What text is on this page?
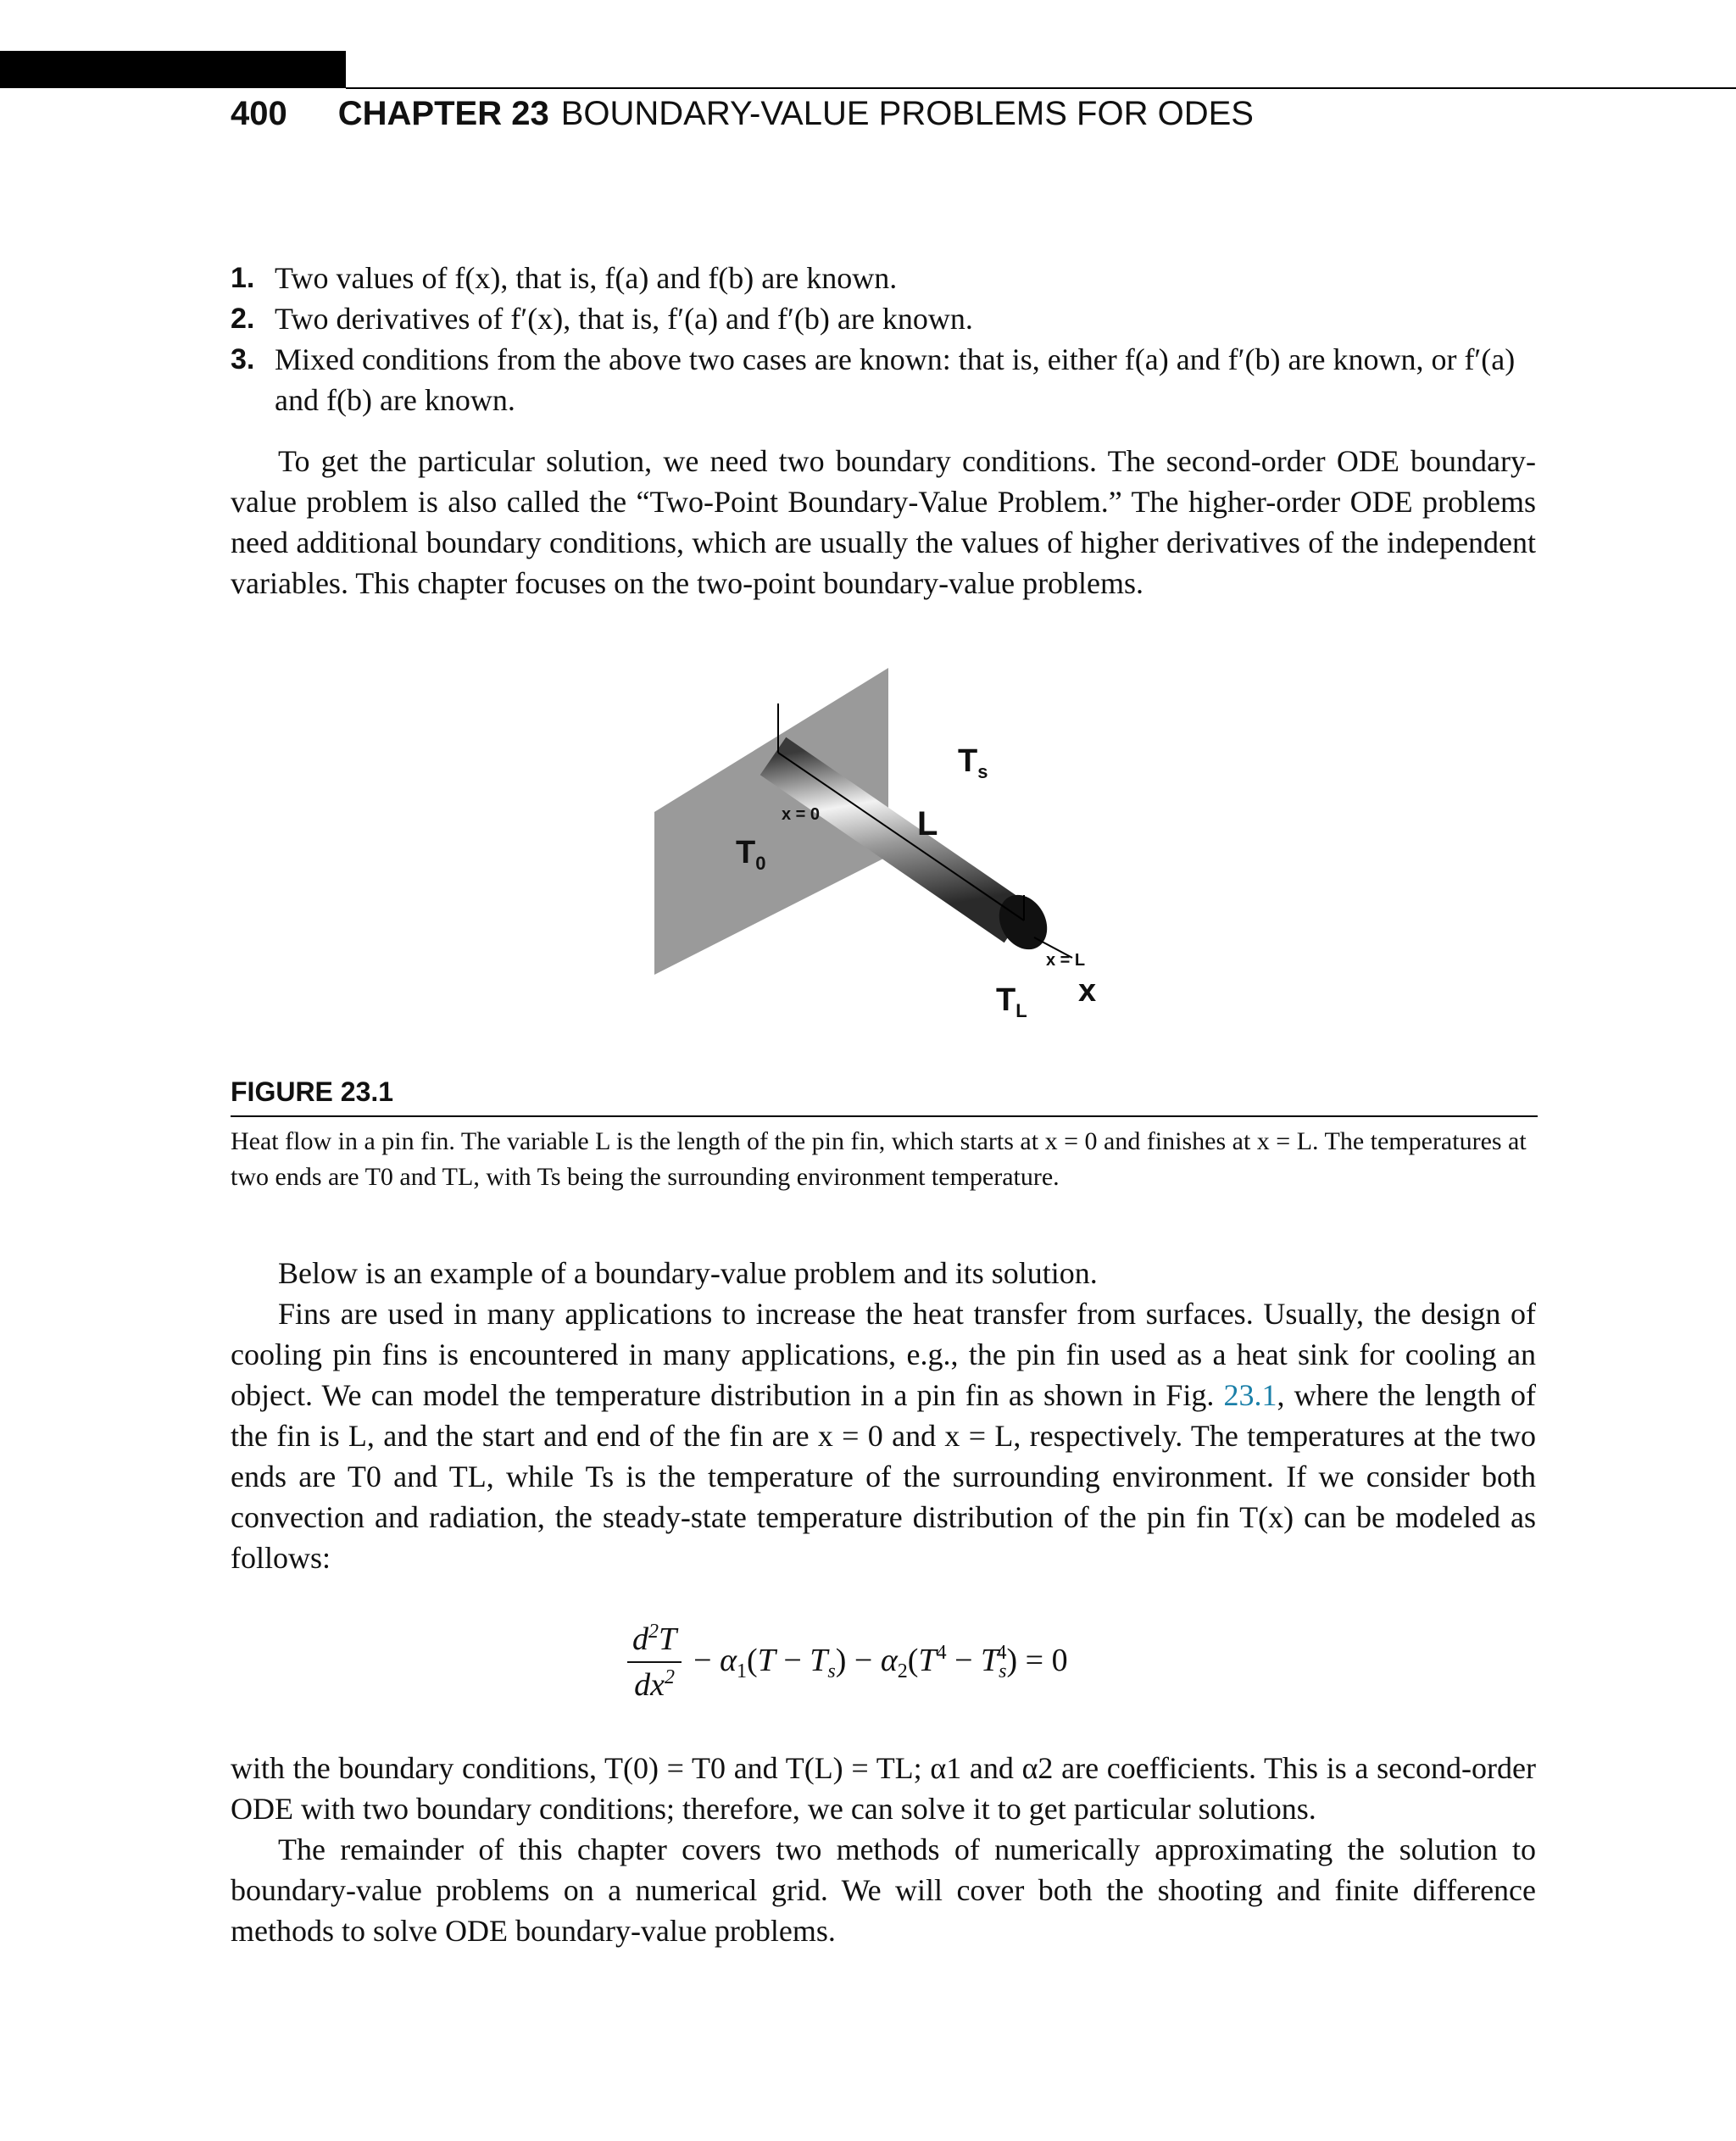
400 CHAPTER 23 BOUNDARY-VALUE PROBLEMS FOR ODES
1. Two values of f(x), that is, f(a) and f(b) are known.
2. Two derivatives of f′(x), that is, f′(a) and f′(b) are known.
3. Mixed conditions from the above two cases are known: that is, either f(a) and f′(b) are known, or f′(a) and f(b) are known.
To get the particular solution, we need two boundary conditions. The second-order ODE boundary-value problem is also called the “Two-Point Boundary-Value Problem.” The higher-order ODE problems need additional boundary conditions, which are usually the values of higher derivatives of the independent variables. This chapter focuses on the two-point boundary-value problems.
$T_s$
x = 0	L
$T_0$
x = L
x
$T_L$
FIGURE 23.1
Heat flow in a pin fin. The variable L is the length of the pin fin, which starts at x = 0 and finishes at x = L. The temperatures at two ends are T0 and TL, with Ts being the surrounding environment temperature.
Below is an example of a boundary-value problem and its solution.
Fins are used in many applications to increase the heat transfer from surfaces. Usually, the design of cooling pin fins is encountered in many applications, e.g., the pin fin used as a heat sink for cooling an object. We can model the temperature distribution in a pin fin as shown in Fig. 23.1, where the length of the fin is L, and the start and end of the fin are x = 0 and x = L, respectively. The temperatures at the two ends are T0 and TL, while Ts is the temperature of the surrounding environment. If we consider both convection and radiation, the steady-state temperature distribution of the pin fin T(x) can be modeled as follows:
$\frac{d^2T}{dx^2} - \alpha_1(T - T_s) - \alpha_2(T^4 - T_s^4) = 0$
with the boundary conditions, T(0) = T0 and T(L) = TL; α1 and α2 are coefficients. This is a second-order ODE with two boundary conditions; therefore, we can solve it to get particular solutions.
The remainder of this chapter covers two methods of numerically approximating the solution to boundary-value problems on a numerical grid. We will cover both the shooting and finite difference methods to solve ODE boundary-value problems.
